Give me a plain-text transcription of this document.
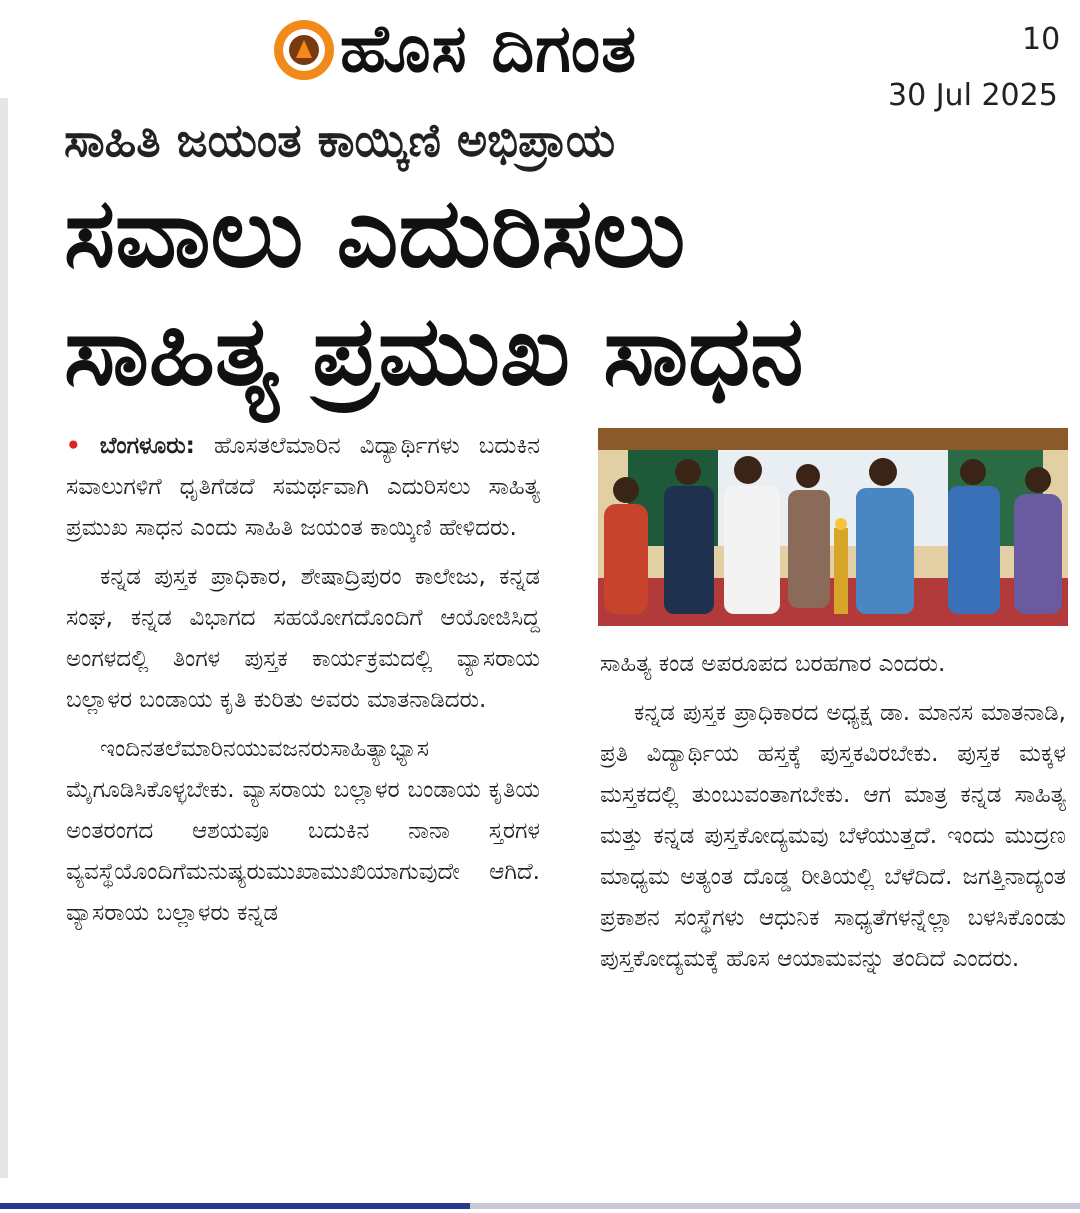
ಹೊಸ ದಿಗಂತ	10
30 Jul 2025
ಸಾಹಿತಿ ಜಯಂತ ಕಾಯ್ಕಿಣಿ ಅಭಿಪ್ರಾಯ
ಸವಾಲು ಎದುರಿಸಲು
ಸಾಹಿತ್ಯ ಪ್ರಮುಖ ಸಾಧನ

• ಬೆಂಗಳೂರು: ಹೊಸತಲೆಮಾರಿನ ವಿದ್ಯಾರ್ಥಿಗಳು ಬದುಕಿನ ಸವಾಲುಗಳಿಗೆ ಧೃತಿಗೆಡದೆ ಸಮರ್ಥವಾಗಿ ಎದುರಿಸಲು ಸಾಹಿತ್ಯ ಪ್ರಮುಖ ಸಾಧನ ಎಂದು ಸಾಹಿತಿ ಜಯಂತ ಕಾಯ್ಕಿಣಿ ಹೇಳಿದರು.

ಕನ್ನಡ ಪುಸ್ತಕ ಪ್ರಾಧಿಕಾರ, ಶೇಷಾದ್ರಿಪುರಂ ಕಾಲೇಜು, ಕನ್ನಡ ಸಂಘ, ಕನ್ನಡ ವಿಭಾಗದ ಸಹಯೋಗದೊಂದಿಗೆ ಆಯೋಜಿಸಿದ್ದ ಅಂಗಳದಲ್ಲಿ ತಿಂಗಳ ಪುಸ್ತಕ ಕಾರ್ಯಕ್ರಮದಲ್ಲಿ ವ್ಯಾಸರಾಯ ಬಲ್ಲಾಳರ ಬಂಡಾಯ ಕೃತಿ ಕುರಿತು ಅವರು ಮಾತನಾಡಿದರು.

ಇಂದಿನತಲೆಮಾರಿನಯುವಜನರುಸಾಹಿತ್ಯಾಭ್ಯಾಸ ಮೈಗೂಡಿಸಿಕೊಳ್ಳಬೇಕು. ವ್ಯಾಸರಾಯ ಬಲ್ಲಾಳರ ಬಂಡಾಯ ಕೃತಿಯ ಅಂತರಂಗದ ಆಶಯವೂ ಬದುಕಿನ ನಾನಾ ಸ್ತರಗಳ ವ್ಯವಸ್ಥೆಯೊಂದಿಗೆಮನುಷ್ಯರುಮುಖಾಮುಖಿಯಾಗುವುದೇ ಆಗಿದೆ. ವ್ಯಾಸರಾಯ ಬಲ್ಲಾಳರು ಕನ್ನಡ

ಸಾಹಿತ್ಯ ಕಂಡ ಅಪರೂಪದ ಬರಹಗಾರ ಎಂದರು.

ಕನ್ನಡ ಪುಸ್ತಕ ಪ್ರಾಧಿಕಾರದ ಅಧ್ಯಕ್ಷ ಡಾ. ಮಾನಸ ಮಾತನಾಡಿ, ಪ್ರತಿ ವಿದ್ಯಾರ್ಥಿಯ ಹಸ್ತಕ್ಕೆ ಪುಸ್ತಕವಿರಬೇಕು. ಪುಸ್ತಕ ಮಕ್ಕಳ ಮಸ್ತಕದಲ್ಲಿ ತುಂಬುವಂತಾಗಬೇಕು. ಆಗ ಮಾತ್ರ ಕನ್ನಡ ಸಾಹಿತ್ಯ ಮತ್ತು ಕನ್ನಡ ಪುಸ್ತಕೋದ್ಯಮವು ಬೆಳೆಯುತ್ತದೆ. ಇಂದು ಮುದ್ರಣ ಮಾಧ್ಯಮ ಅತ್ಯಂತ ದೊಡ್ಡ ರೀತಿಯಲ್ಲಿ ಬೆಳೆದಿದೆ. ಜಗತ್ತಿನಾದ್ಯಂತ ಪ್ರಕಾಶನ ಸಂಸ್ಥೆಗಳು ಆಧುನಿಕ ಸಾಧ್ಯತೆಗಳನ್ನೆಲ್ಲಾ ಬಳಸಿಕೊಂಡು ಪುಸ್ತಕೋದ್ಯಮಕ್ಕೆ ಹೊಸ ಆಯಾಮವನ್ನು ತಂದಿದೆ ಎಂದರು.
